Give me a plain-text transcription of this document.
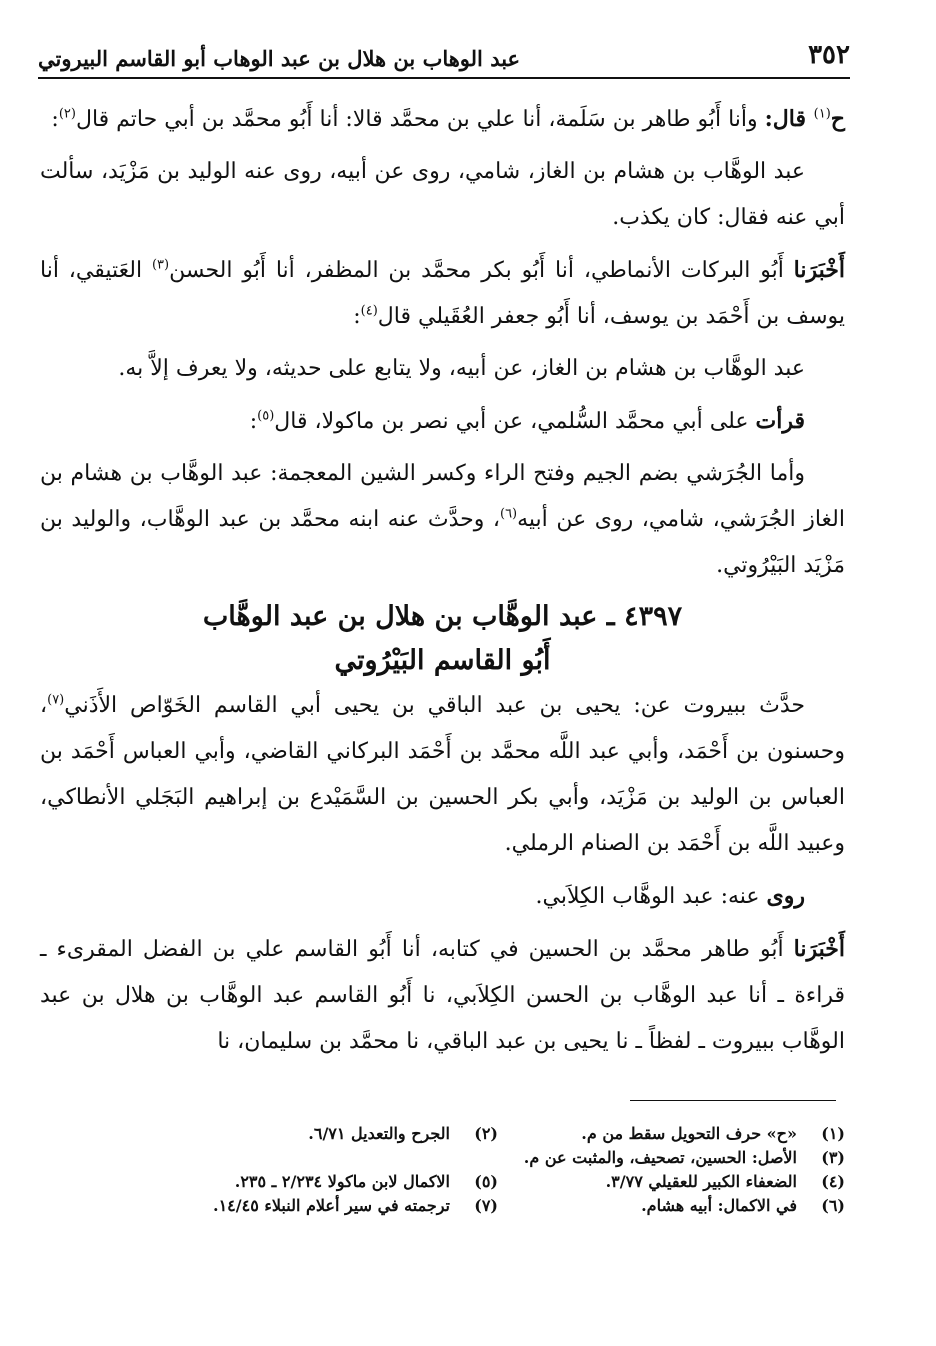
٣٥٢
عبد الوهاب بن هلال بن عبد الوهاب أبو القاسم البيروتي

ح$^{(١)}$ قال: وأنا أَبُو طاهر بن سَلَمة، أنا علي بن محمَّد قالا: أنا أَبُو محمَّد بن أبي حاتم قال$^{(٢)}$:

عبد الوهَّاب بن هشام بن الغاز، شامي، روى عن أبيه، روى عنه الوليد بن مَزْيَد، سألت أبي عنه فقال: كان يكذب.

أَخْبَرَنا أَبُو البركات الأنماطي، أنا أَبُو بكر محمَّد بن المظفر، أنا أَبُو الحسن$^{(٣)}$ العَتيقي، أنا يوسف بن أَحْمَد بن يوسف، أنا أَبُو جعفر العُقَيلي قال$^{(٤)}$:

عبد الوهَّاب بن هشام بن الغاز، عن أبيه، ولا يتابع على حديثه، ولا يعرف إلاَّ به.

قرأت على أبي محمَّد السُّلمي، عن أبي نصر بن ماكولا، قال$^{(٥)}$:

وأما الجُرَشي بضم الجيم وفتح الراء وكسر الشين المعجمة: عبد الوهَّاب بن هشام بن الغاز الجُرَشي، شامي، روى عن أبيه$^{(٦)}$، وحدَّث عنه ابنه محمَّد بن عبد الوهَّاب، والوليد بن مَزْيَد البَيْرُوتي.

٤٣٩٧ ـ عبد الوهَّاب بن هلال بن عبد الوهَّاب
أَبُو القاسم البَيْرُوتي

حدَّث ببيروت عن: يحيى بن عبد الباقي بن يحيى أبي القاسم الخَوّاص الأَذَني$^{(٧)}$، وحسنون بن أَحْمَد، وأبي عبد اللَّه محمَّد بن أَحْمَد البركاني القاضي، وأبي العباس أَحْمَد بن العباس بن الوليد بن مَزْيَد، وأبي بكر الحسين بن السَّمَيْدع بن إبراهيم البَجَلي الأنطاكي، وعبيد اللَّه بن أَحْمَد بن الصنام الرملي.

روى عنه: عبد الوهَّاب الكِلاَبي.

أَخْبَرَنا أَبُو طاهر محمَّد بن الحسين في كتابه، أنا أَبُو القاسم علي بن الفضل المقرىء ـ قراءة ـ أنا عبد الوهَّاب بن الحسن الكِلاَبي، نا أَبُو القاسم عبد الوهَّاب بن هلال بن عبد الوهَّاب ببيروت ـ لفظاً ـ نا يحيى بن عبد الباقي، نا محمَّد بن سليمان، نا

(١)
«ح» حرف التحويل سقط من م.
(٢)
الجرح والتعديل ٦/٧١.
(٣)
الأصل: الحسين، تصحيف، والمثبت عن م.
(٤)
الضعفاء الكبير للعقيلي ٣/٧٧.
(٥)
الاكمال لابن ماكولا ٢/٢٣٤ ـ ٢٣٥.
(٦)
في الاكمال: أبيه هشام.
(٧)
ترجمته في سير أعلام النبلاء ١٤/٤٥.
